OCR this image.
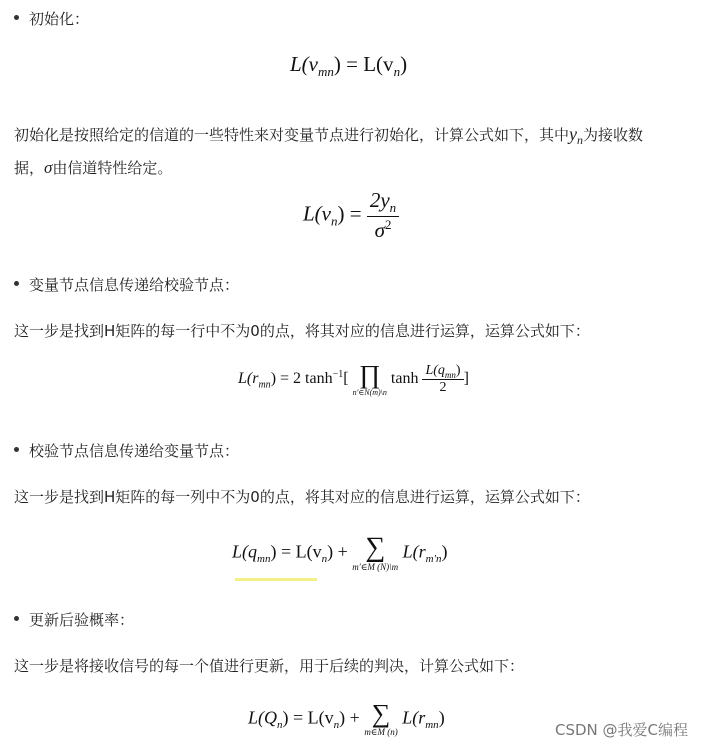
初始化：
$L(v_{mn}) = L(v_n)$
初始化是按照给定的信道的一些特性来对变量节点进行初始化，计算公式如下，其中$y_n$为接收数
据，σ由信道特性给定。
$L(v_n) = \frac{2y_n}{\sigma^2}$
变量节点信息传递给校验节点：
这一步是找到H矩阵的每一行中不为0的点，将其对应的信息进行运算，运算公式如下：
$L(r_{mn}) = 2$ $\tanh^{-1}$[ ∏
n′∈N(m)\n
$\tanh \frac{L(q_{mn})}{2}$ ]
校验节点信息传递给变量节点：
这一步是找到H矩阵的每一列中不为0的点，将其对应的信息进行运算，运算公式如下：
$L(q_{mn}) = L(v_n)$ + ∑
m′∈M (N)\m
$L(r_{m'n})$
更新后验概率：
这一步是将接收信号的每一个值进行更新，用于后续的判决，计算公式如下：
$L(Q_n) = L(v_n)$ + ∑
m∈M (n)
$L(r_{mn})$
CSDN @我爱C编程
